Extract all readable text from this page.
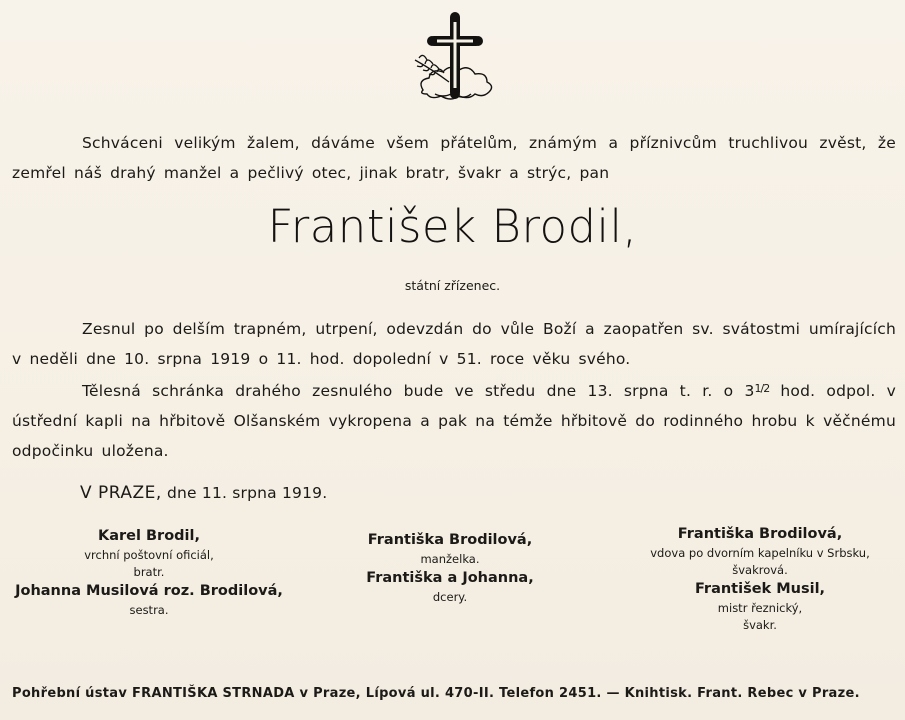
Schváceni velikým žalem, dáváme všem přátelům, známým a příznivcům truchlivou zvěst, že zemřel náš drahý manžel a pečlivý otec, jinak bratr, švakr a strýc, pan
František Brodil,
státní zřízenec.
Zesnul po delším trapném, utrpení, odevzdán do vůle Boží a zaopatřen sv. svátostmi umírajících v neděli dne 10. srpna 1919 o 11. hod. dopolední v 51. roce věku svého.
Tělesná schránka drahého zesnulého bude ve středu dne 13. srpna t. r. o $3^{1/2}$ hod. odpol. v ústřední kapli na hřbitově Olšanském vykropena a pak na témže hřbitově do rodinného hrobu k věčnému odpočinku uložena.
V PRAZE, dne 11. srpna 1919.
Karel Brodil,
vrchní poštovní oficiál,
bratr.
Johanna Musilová roz. Brodilová,
sestra.
Františka Brodilová,
manželka.
Františka a Johanna,
dcery.
Františka Brodilová,
vdova po dvorním kapelníku v Srbsku,
švakrová.
František Musil,
mistr řeznický,
švakr.
Pohřební ústav FRANTIŠKA STRNADA v Praze, Lípová ul. 470-II. Telefon 2451. — Knihtisk. Frant. Rebec v Praze.
